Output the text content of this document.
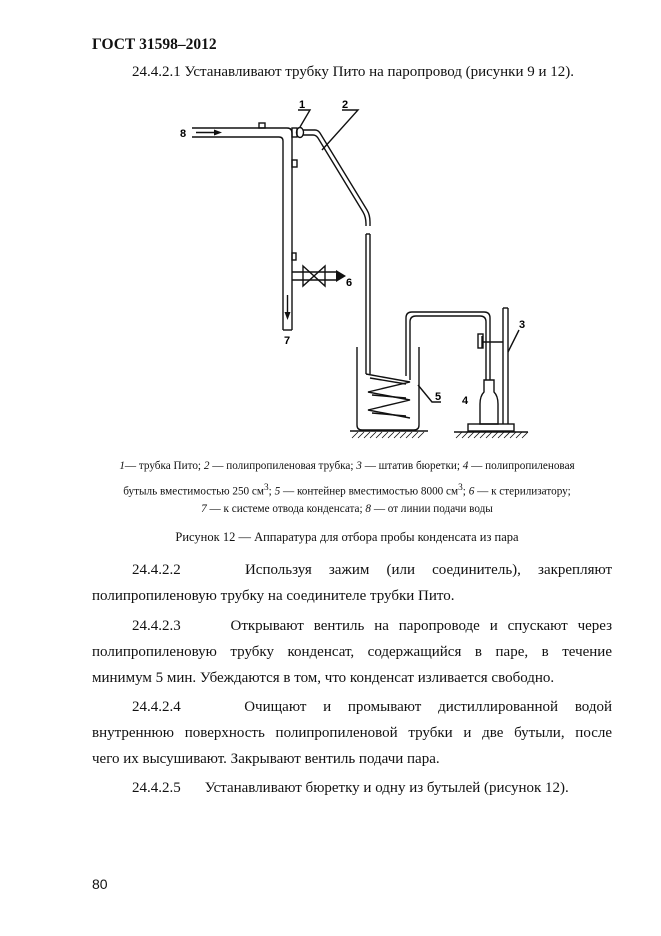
ГОСТ 31598–2012
24.4.2.1 Устанавливают трубку Пито на паропровод (рисунки 9 и 12).
1	2
3
4
5
6
7
8
1— трубка Пито; 2 — полипропиленовая трубка; 3 — штатив бюретки; 4 — полипропиленовая
бутыль вместимостью 250 $см^3$; 5 — контейнер вместимостью 8000 $см^3$; 6 — к стерилизатору;
7 — к системе отвода конденсата; 8 — от линии подачи воды
Рисунок 12 — Аппаратура для отбора пробы конденсата из пара
24.4.2.2	Используя зажим (или соединитель), закрепляют
полипропиленовую трубку на соединителе трубки Пито.
24.4.2.3	Открывают вентиль на паропроводе и спускают через
полипропиленовую трубку конденсат, содержащийся в паре, в течение
минимум 5 мин. Убеждаются в том, что конденсат изливается свободно.
24.4.2.4	Очищают и промывают дистиллированной водой
внутреннюю поверхность полипропиленовой трубки и две бутыли, после
чего их высушивают. Закрывают вентиль подачи пара.
24.4.2.5 Устанавливают бюретку и одну из бутылей (рисунок 12).
80
